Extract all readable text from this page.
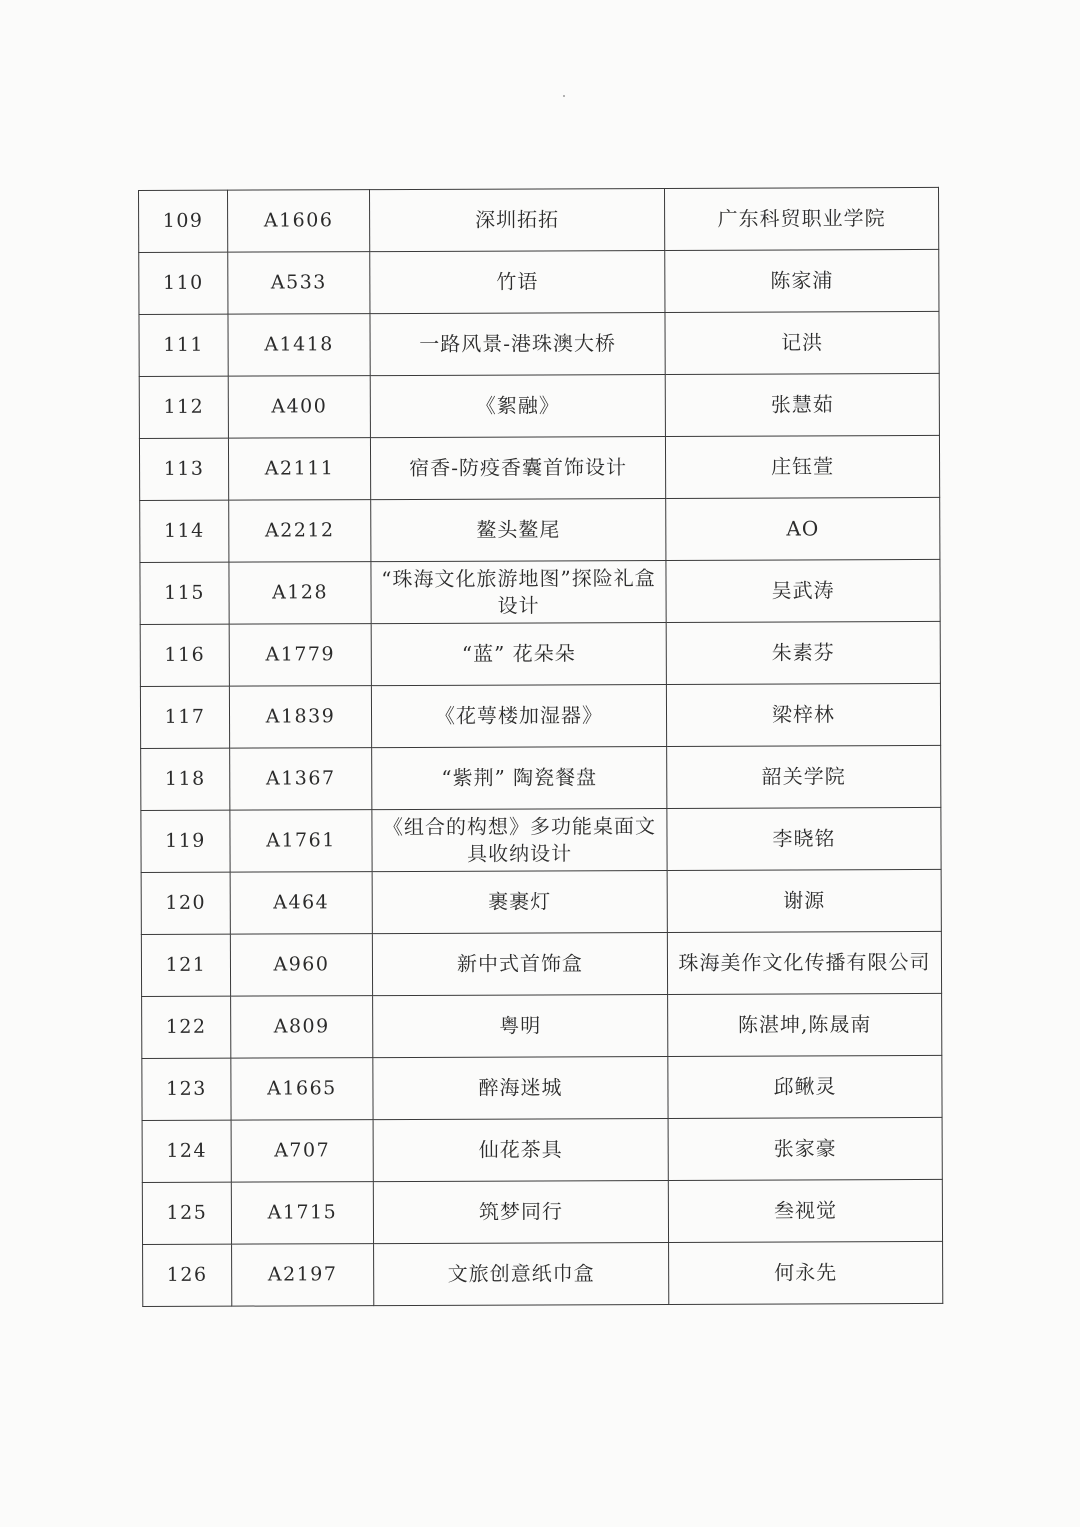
109	A1606	深圳拓拓	广东科贸职业学院
110	A533	竹语	陈家浦
111	A1418	一路风景-港珠澳大桥	记洪
112	A400	《絮融》	张慧茹
113	A2111	宿香-防疫香囊首饰设计	庄钰萱
114	A2212	鳌头鳌尾	AO
115	A128	“珠海文化旅游地图”探险礼盒设计	吴武涛
116	A1779	“蓝” 花朵朵	朱素芬
117	A1839	《花萼楼加湿器》	梁梓林
118	A1367	“紫荆” 陶瓷餐盘	韶关学院
119	A1761	《组合的构想》多功能桌面文具收纳设计	李晓铭
120	A464	裹裹灯	谢源
121	A960	新中式首饰盒	珠海美作文化传播有限公司
122	A809	粤明	陈湛坤,陈晟南
123	A1665	醉海迷城	邱鳅灵
124	A707	仙花茶具	张家豪
125	A1715	筑梦同行	叁视觉
126	A2197	文旅创意纸巾盒	何永先
